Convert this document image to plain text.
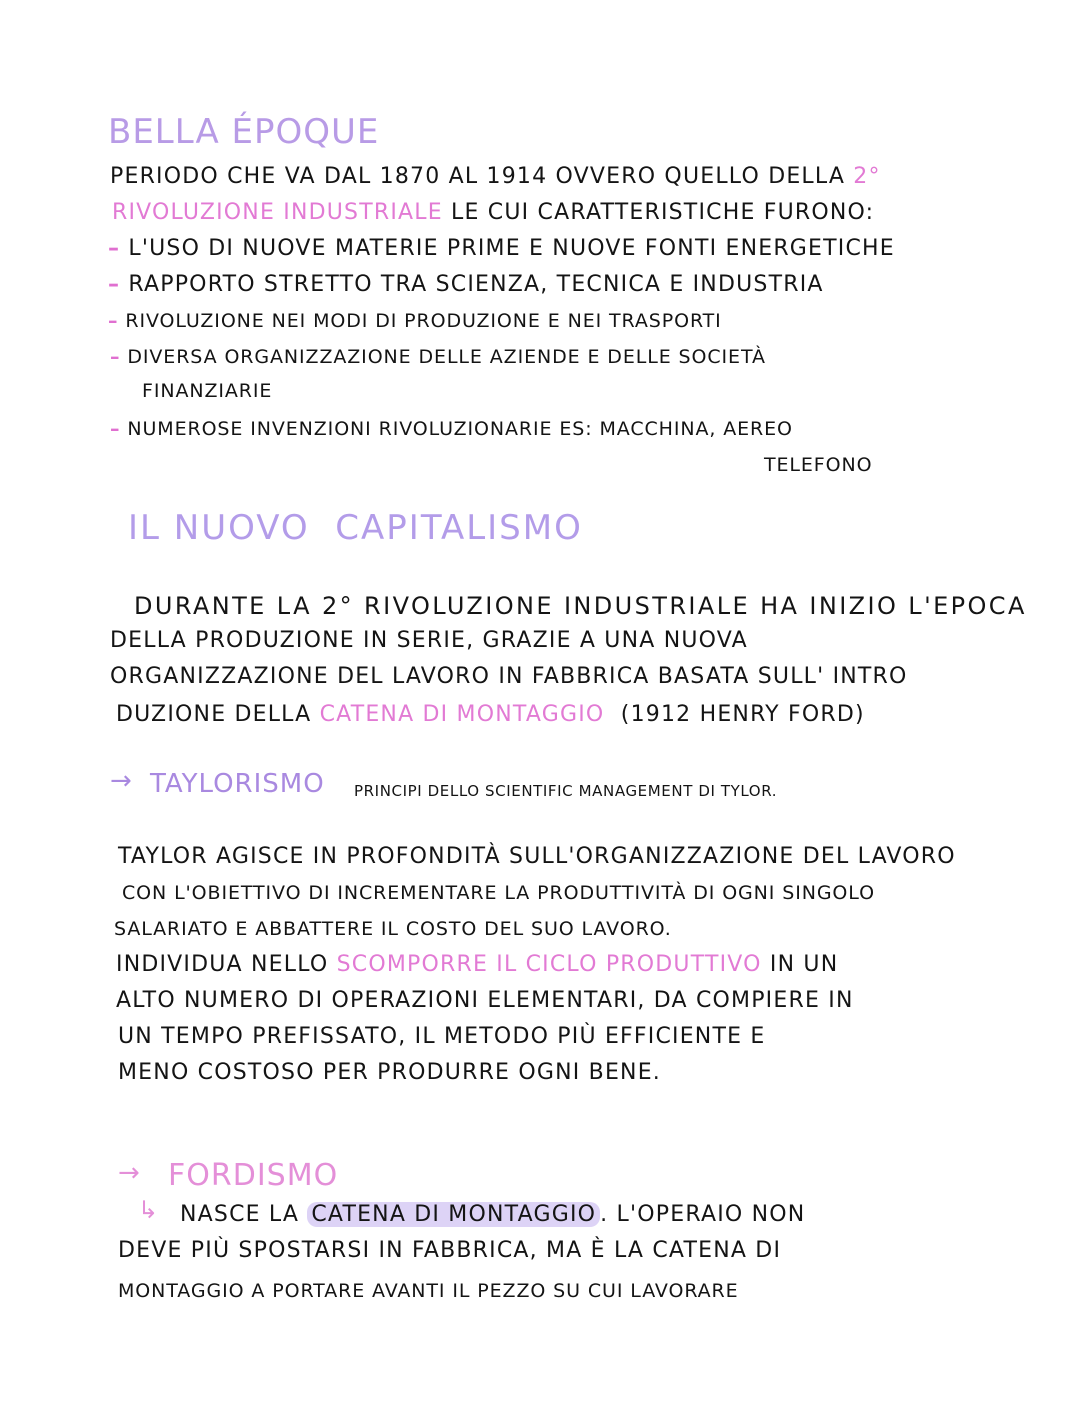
BELLA ÉPOQUE
PERIODO CHE VA DAL 1870 AL 1914 OVVERO QUELLO DELLA 2°
RIVOLUZIONE INDUSTRIALE LE CUI CARATTERISTICHE FURONO:
– L'USO DI NUOVE MATERIE PRIME E NUOVE FONTI ENERGETICHE
– RAPPORTO STRETTO TRA SCIENZA, TECNICA E INDUSTRIA
– RIVOLUZIONE NEI MODI DI PRODUZIONE E NEI TRASPORTI
– DIVERSA ORGANIZZAZIONE DELLE AZIENDE E DELLE SOCIETÀ
FINANZIARIE
– NUMEROSE INVENZIONI RIVOLUZIONARIE ES: MACCHINA, AEREO
TELEFONO
IL NUOVO  CAPITALISMO
DURANTE LA 2° RIVOLUZIONE INDUSTRIALE HA INIZIO L'EPOCA
DELLA PRODUZIONE IN SERIE, GRAZIE A UNA NUOVA
ORGANIZZAZIONE DEL LAVORO IN FABBRICA BASATA SULL' INTRO
DUZIONE DELLA CATENA DI MONTAGGIO  (1912 HENRY FORD)
→ TAYLORISMO PRINCIPI DELLO SCIENTIFIC MANAGEMENT DI TYLOR.
TAYLOR AGISCE IN PROFONDITÀ SULL'ORGANIZZAZIONE DEL LAVORO
CON L'OBIETTIVO DI INCREMENTARE LA PRODUTTIVITÀ DI OGNI SINGOLO
SALARIATO E ABBATTERE IL COSTO DEL SUO LAVORO.
INDIVIDUA NELLO SCOMPORRE IL CICLO PRODUTTIVO IN UN
ALTO NUMERO DI OPERAZIONI ELEMENTARI, DA COMPIERE IN
UN TEMPO PREFISSATO, IL METODO PIÙ EFFICIENTE E
MENO COSTOSO PER PRODURRE OGNI BENE.
→ FORDISMO
↳ NASCE LA CATENA DI MONTAGGIO . L'OPERAIO NON
DEVE PIÙ SPOSTARSI IN FABBRICA, MA È LA CATENA DI
MONTAGGIO A PORTARE AVANTI IL PEZZO SU CUI LAVORARE
